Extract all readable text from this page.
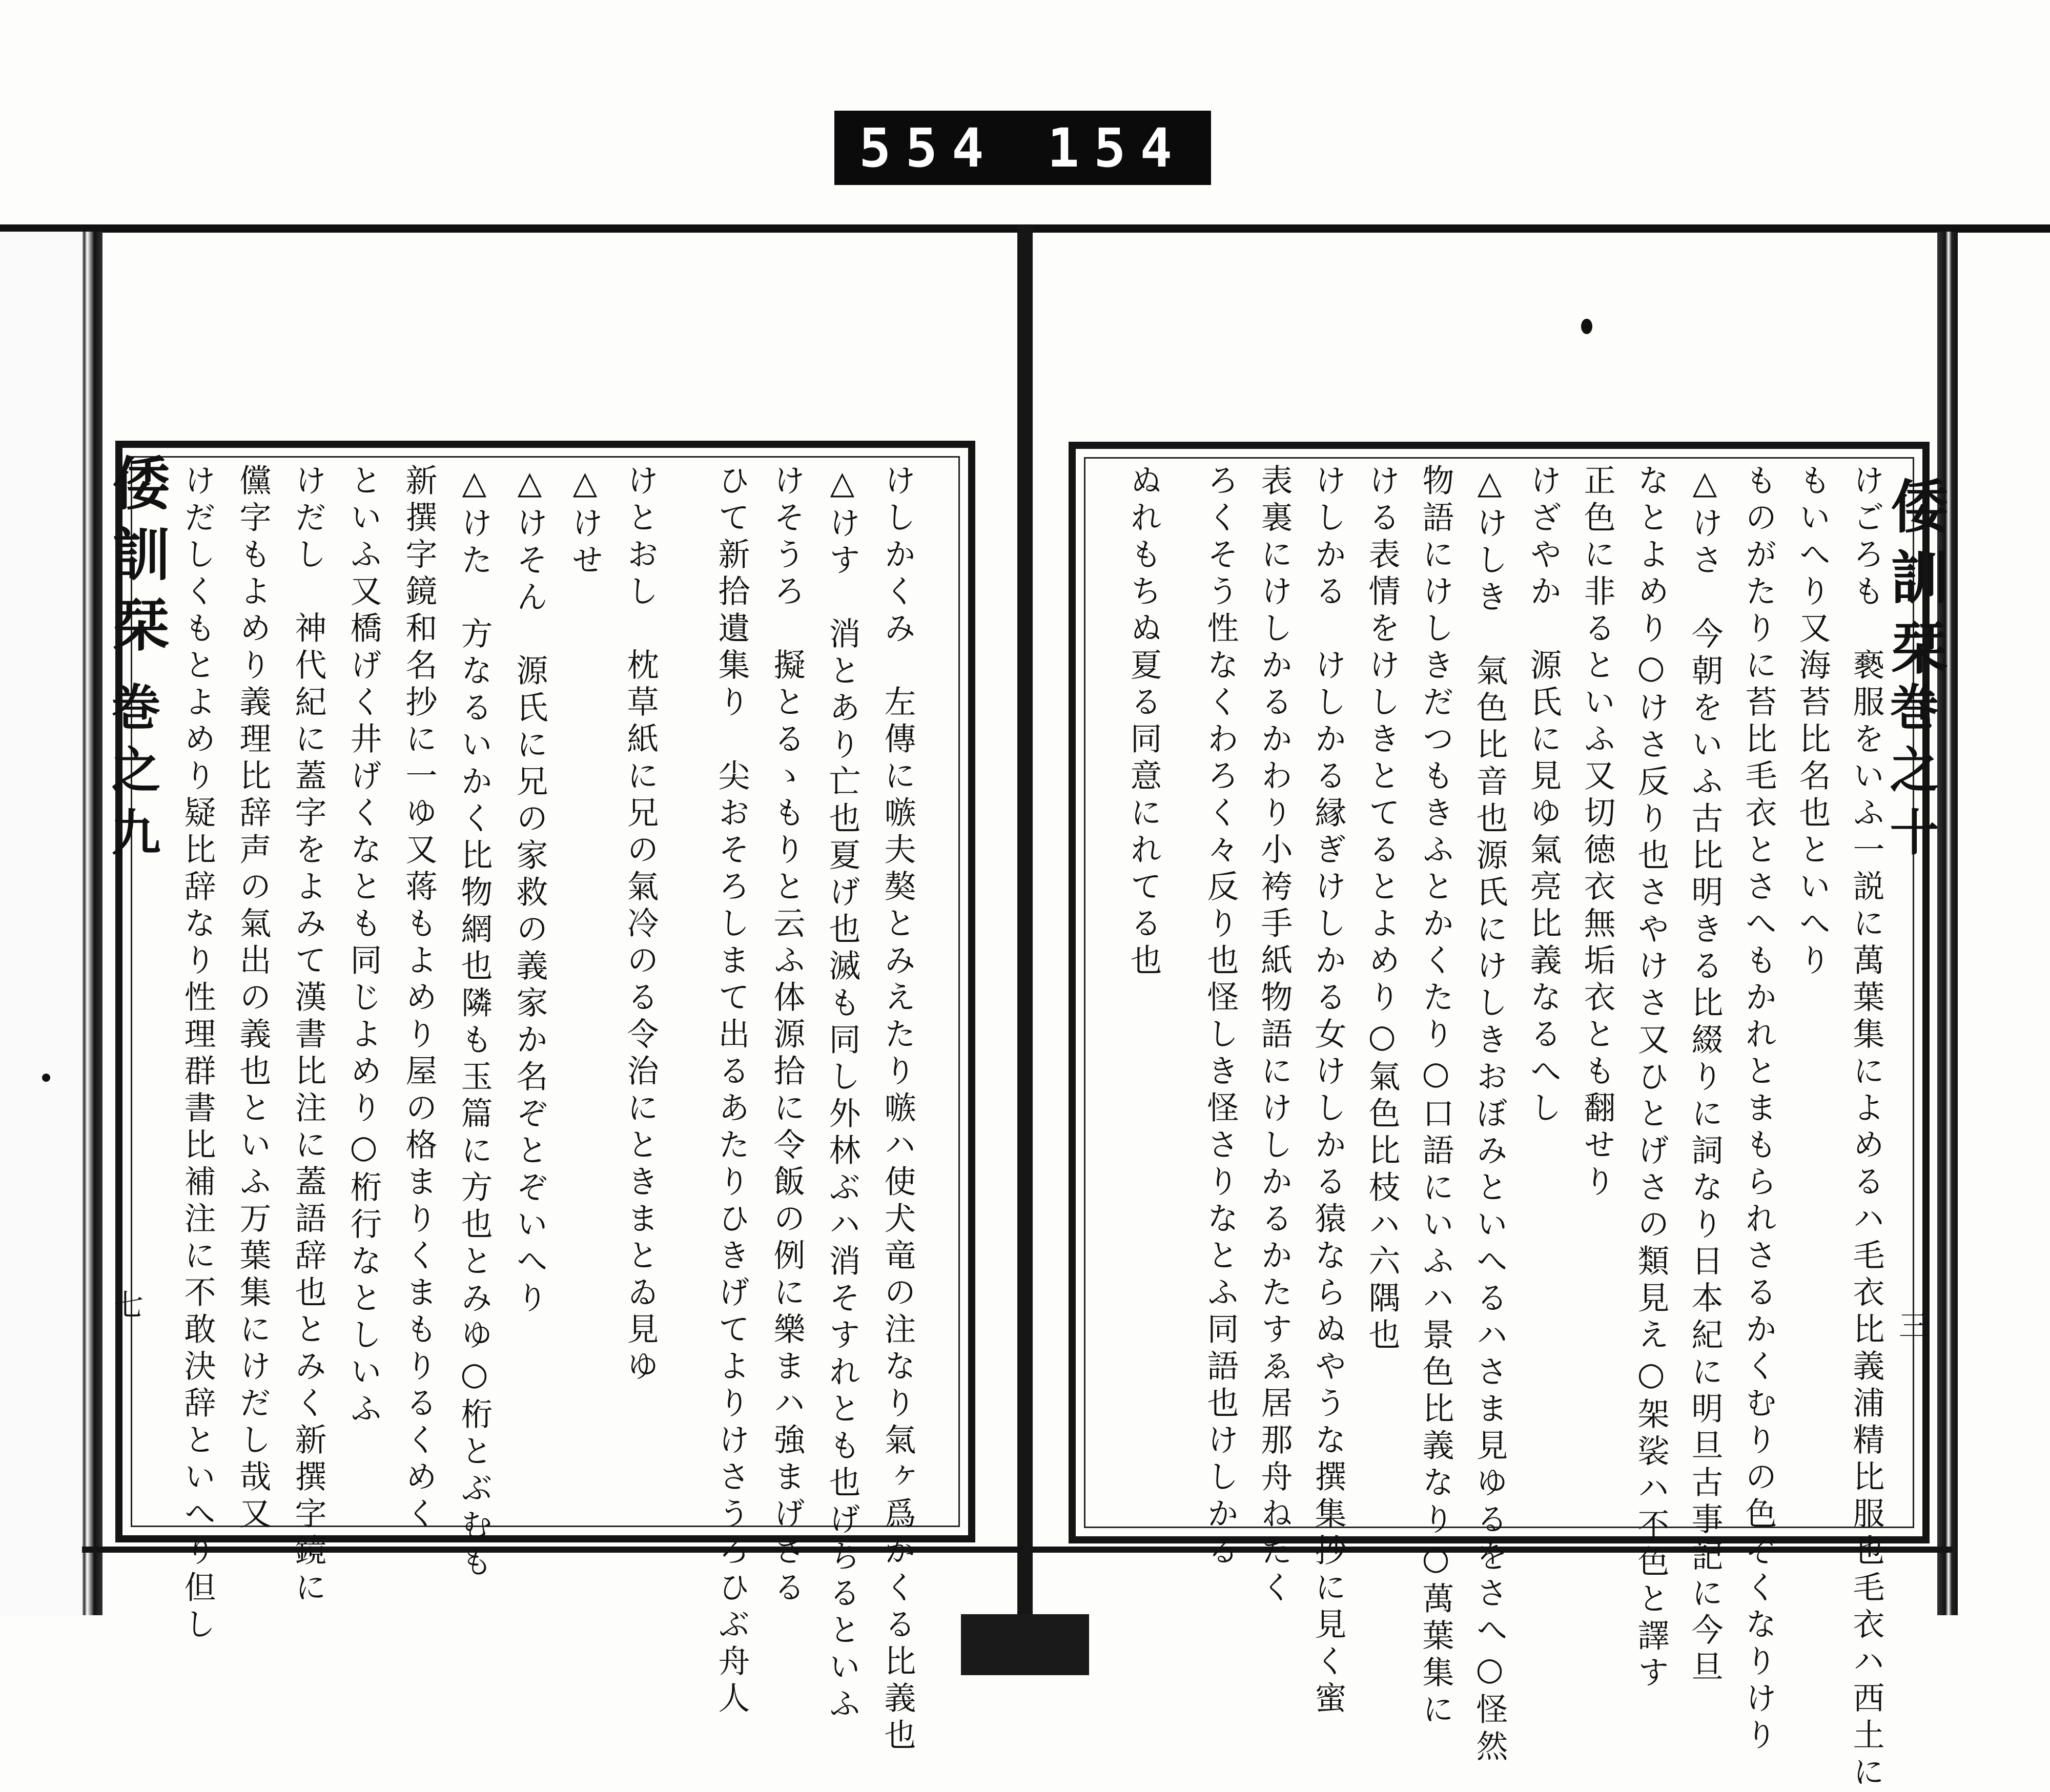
554 154
倭訓栞
巻之九
七	けしかくみ　左傳に嗾夫獒とみえたり嗾ハ使犬竜の注なり氣ヶ爲かくる比義也
△けす　消とあり亡也夏げ也滅も同し外林ぶハ消そすれとも也げちるといふ
けそうろ　擬とるゝもりと云ふ体源拾に令飯の例に樂まハ強まげさる
ひて新拾遺集り　尖おそろしまて出るあたりひきげてよりけさうろひぶ舟人
けとおし　枕草紙に兄の氣冷のる令治にときまとゐ見ゆ
△けせ
△けそん　源氏に兄の家救の義家か名ぞとぞいへり
△けた　方なるいかく比物網也隣も玉篇に方也とみゆ○桁とぶむも
新撰字鏡和名抄に一ゆ又蒋もよめり屋の格まりくまもりるくめく
といふ又橋げく井げくなとも同じよめり○桁行なとしいふ
けだし　神代紀に蓋字をよみて漢書比注に蓋語辞也とみく新撰字鏡に
儻字もよめり義理比辞声の氣出の義也といふ万葉集にけだし哉又
けだしくもとよめり疑比辞なり性理群書比補注に不敢決辞といへり但し	倭訓栞
巻之十
三
けごろも　褻服をいふ一説に萬葉集によめるハ毛衣比義浦精比服也毛衣ハ西土に
もいへり又海苔比名也といへり
ものがたりに苔比毛衣とさへもかれとまもられさるかくむりの色ぞくなりけり
△けさ　今朝をいふ古比明きる比綴りに詞なり日本紀に明旦古事記に今旦
なとよめり○けさ反り也さやけさ又ひとげさの類見え○架裟ハ不色と譯す
正色に非るといふ又切徳衣無垢衣とも翻せり
けざやか　源氏に見ゆ氣亮比義なるへし
△けしき　氣色比音也源氏にけしきおぼみといへるハさま見ゆるをさへ○怪然
物語にけしきだつもきふとかくたり○口語にいふハ景色比義なり○萬葉集に
ける表情をけしきとてるとよめり○氣色比枝ハ六隅也
けしかる　けしかる縁ぎけしかる女けしかる猿ならぬやうな撰集抄に見く蜜
表裏にけしかるかわり小袴手紙物語にけしかるかたすゑ居那舟ねたく
ろくそう性なくわろく々反り也怪しき怪さりなとふ同語也けしかる
ぬれもちぬ夏る同意にれてる也
